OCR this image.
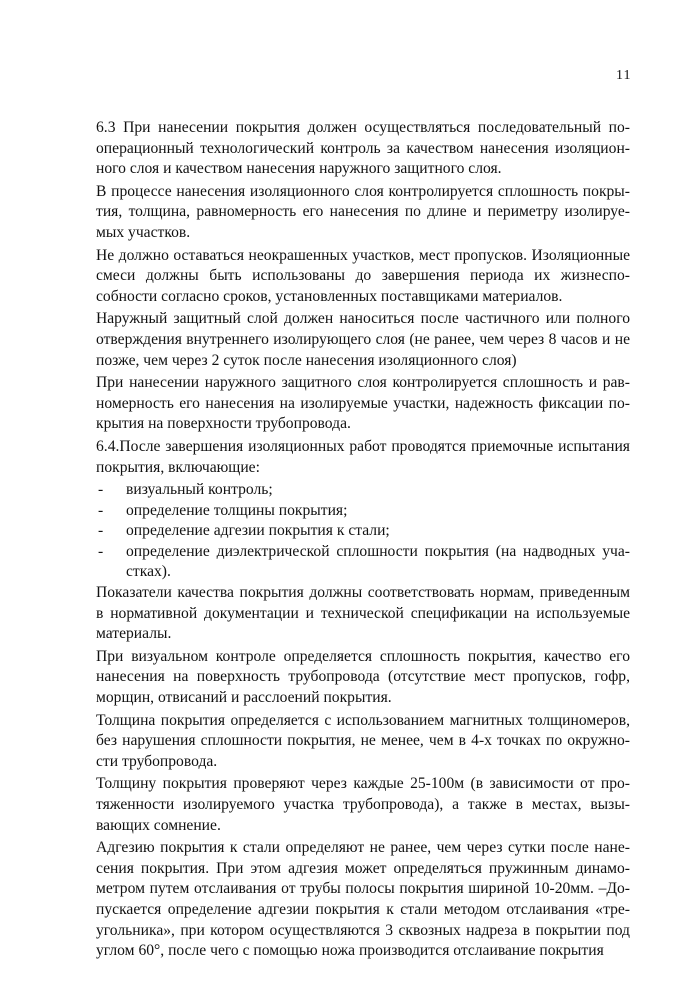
11

6.3 При нанесении покрытия должен осуществляться последовательный пооперационный технологический контроль за качеством нанесения изоляционного слоя и качеством нанесения наружного защитного слоя.

В процессе нанесения изоляционного слоя контролируется сплошность покрытия, толщина, равномерность его нанесения по длине и периметру изолируемых участков.

Не должно оставаться неокрашенных участков, мест пропусков. Изоляционные смеси должны быть использованы до завершения периода их жизнеспособности согласно сроков, установленных поставщиками материалов.

Наружный защитный слой должен наноситься после частичного или полного отверждения внутреннего изолирующего слоя (не ранее, чем через 8 часов и не позже, чем через 2 суток после нанесения изоляционного слоя)

При нанесении наружного защитного слоя контролируется сплошность и равномерность его нанесения на изолируемые участки, надежность фиксации покрытия на поверхности трубопровода.

6.4.После завершения изоляционных работ проводятся приемочные испытания покрытия, включающие:

- визуальный контроль;
- определение толщины покрытия;
- определение адгезии покрытия к стали;
- определение диэлектрической сплошности покрытия (на надводных участках).

Показатели качества покрытия должны соответствовать нормам, приведенным в нормативной документации и технической спецификации на используемые материалы.

При визуальном контроле определяется сплошность покрытия, качество его нанесения на поверхность трубопровода (отсутствие мест пропусков, гофр, морщин, отвисаний и расслоений покрытия.

Толщина покрытия определяется с использованием магнитных толщиномеров, без нарушения сплошности покрытия, не менее, чем в 4-х точках по окружности трубопровода.

Толщину покрытия проверяют через каждые 25-100м (в зависимости от протяженности изолируемого участка трубопровода), а также в местах, вызывающих сомнение.

Адгезию покрытия к стали определяют не ранее, чем через сутки после нанесения покрытия. При этом адгезия может определяться пружинным динамометром путем отслаивания от трубы полосы покрытия шириной 10-20мм. –Допускается определение адгезии покрытия к стали методом отслаивания «треугольника», при котором осуществляются 3 сквозных надреза в покрытии под углом 60°, после чего с помощью ножа производится отслаивание покрытия
